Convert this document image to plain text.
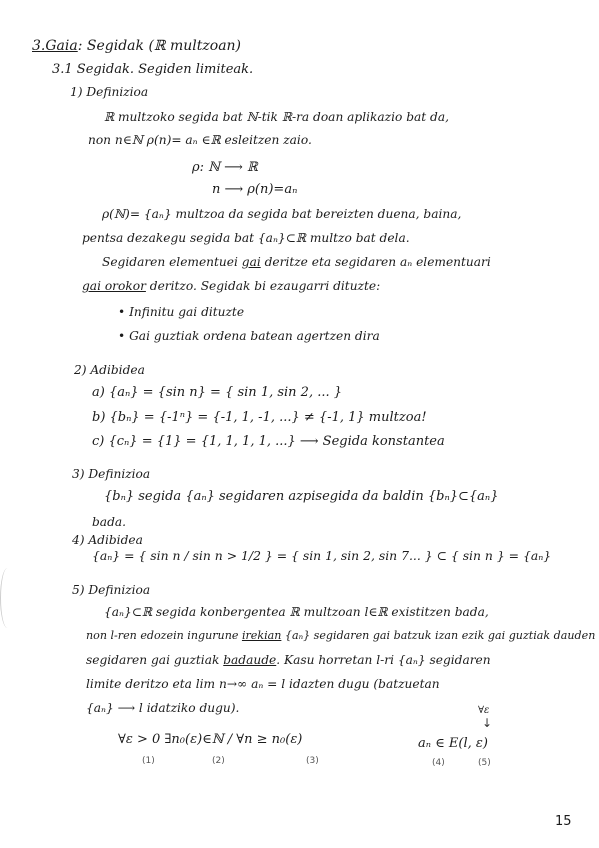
3.Gaia: Segidak (ℝ multzoan)
3.1 Segidak. Segiden limiteak.
1) Definizioa
ℝ multzoko segida bat ℕ-tik ℝ-ra doan aplikazio bat da,
non n∈ℕ ρ(n)= aₙ ∈ℝ esleitzen zaio.
ρ: ℕ ⟶ ℝ
n ⟶ ρ(n)=aₙ
ρ(ℕ)= {aₙ} multzoa da segida bat bereizten duena, baina,
pentsa dezakegu segida bat {aₙ}⊂ℝ multzo bat dela.
Segidaren elementuei gai deritze eta segidaren aₙ elementuari
gai orokor deritzo. Segidak bi ezaugarri dituzte:
• Infinitu gai dituzte
• Gai guztiak ordena batean agertzen dira
2) Adibidea
a) {aₙ} = {sin n} = { sin 1, sin 2, ... }
b) {bₙ} = {-1ⁿ} = {-1, 1, -1, ...} ≠ {-1, 1} multzoa!
c) {cₙ} = {1} = {1, 1, 1, 1, ...} ⟶ Segida konstantea
3) Definizioa
{bₙ} segida {aₙ} segidaren azpisegida da baldin {bₙ}⊂{aₙ}
bada.
4) Adibidea
{aₙ} = { sin n / sin n > 1/2 } = { sin 1, sin 2, sin 7... } ⊂ { sin n } = {aₙ}
5) Definizioa
{aₙ}⊂ℝ segida konbergentea ℝ multzoan l∈ℝ existitzen bada,
non l-ren edozein ingurune irekian {aₙ} segidaren gai batzuk izan ezik gai guztiak dauden
segidaren gai guztiak badaude. Kasu horretan l-ri {aₙ} segidaren
limite deritzo eta lim n→∞ aₙ = l idazten dugu (batzuetan
{aₙ} ⟶ l idatziko dugu).	∀ε
↓
∀ε > 0 ∃n₀(ε)∈ℕ / ∀n ≥ n₀(ε)	aₙ ∈ E(l, ε)
(1)	(2)	(3)	(4)	(5)
15
